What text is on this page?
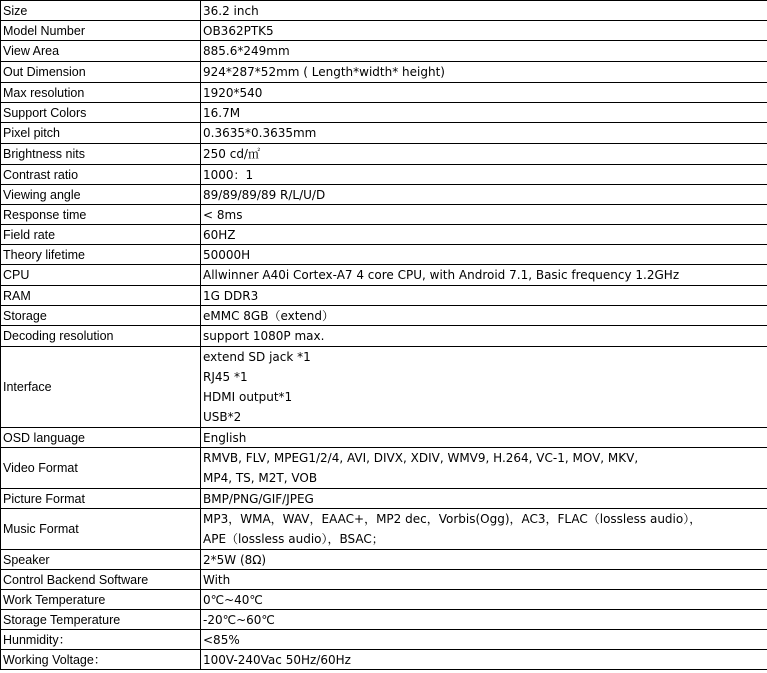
Size	36.2 inch
Model Number	OB362PTK5
View Area	885.6*249mm
Out Dimension	924*287*52mm ( Length*width* height)
Max resolution	1920*540
Support Colors	16.7M
Pixel pitch	0.3635*0.3635mm
Brightness nits	250 cd/㎡
Contrast ratio	1000：1
Viewing angle	89/89/89/89 R/L/U/D
Response time	< 8ms
Field rate	60HZ
Theory lifetime	50000H
CPU	Allwinner A40i Cortex-A7 4 core CPU, with Android 7.1, Basic frequency 1.2GHz
RAM	1G DDR3
Storage	eMMC 8GB（extend）
Decoding resolution	support 1080P max.
Interface	extend SD jack *1
RJ45 *1
HDMI output*1
USB*2

OSD language	English
Video Format	RMVB, FLV, MPEG1/2/4, AVI, DIVX, XDIV, WMV9, H.264, VC-1, MOV, MKV,
MP4, TS, M2T, VOB

Picture Format	BMP/PNG/GIF/JPEG
Music Format	MP3，WMA，WAV，EAAC+，MP2 dec，Vorbis(Ogg)，AC3，FLAC（lossless audio），
APE（lossless audio），BSAC；

Speaker	2*5W (8Ω)
Control Backend Software	With
Work Temperature	0℃~40℃
Storage Temperature	-20℃~60℃
Hunmidity：	<85%
Working Voltage：	100V-240Vac 50Hz/60Hz
